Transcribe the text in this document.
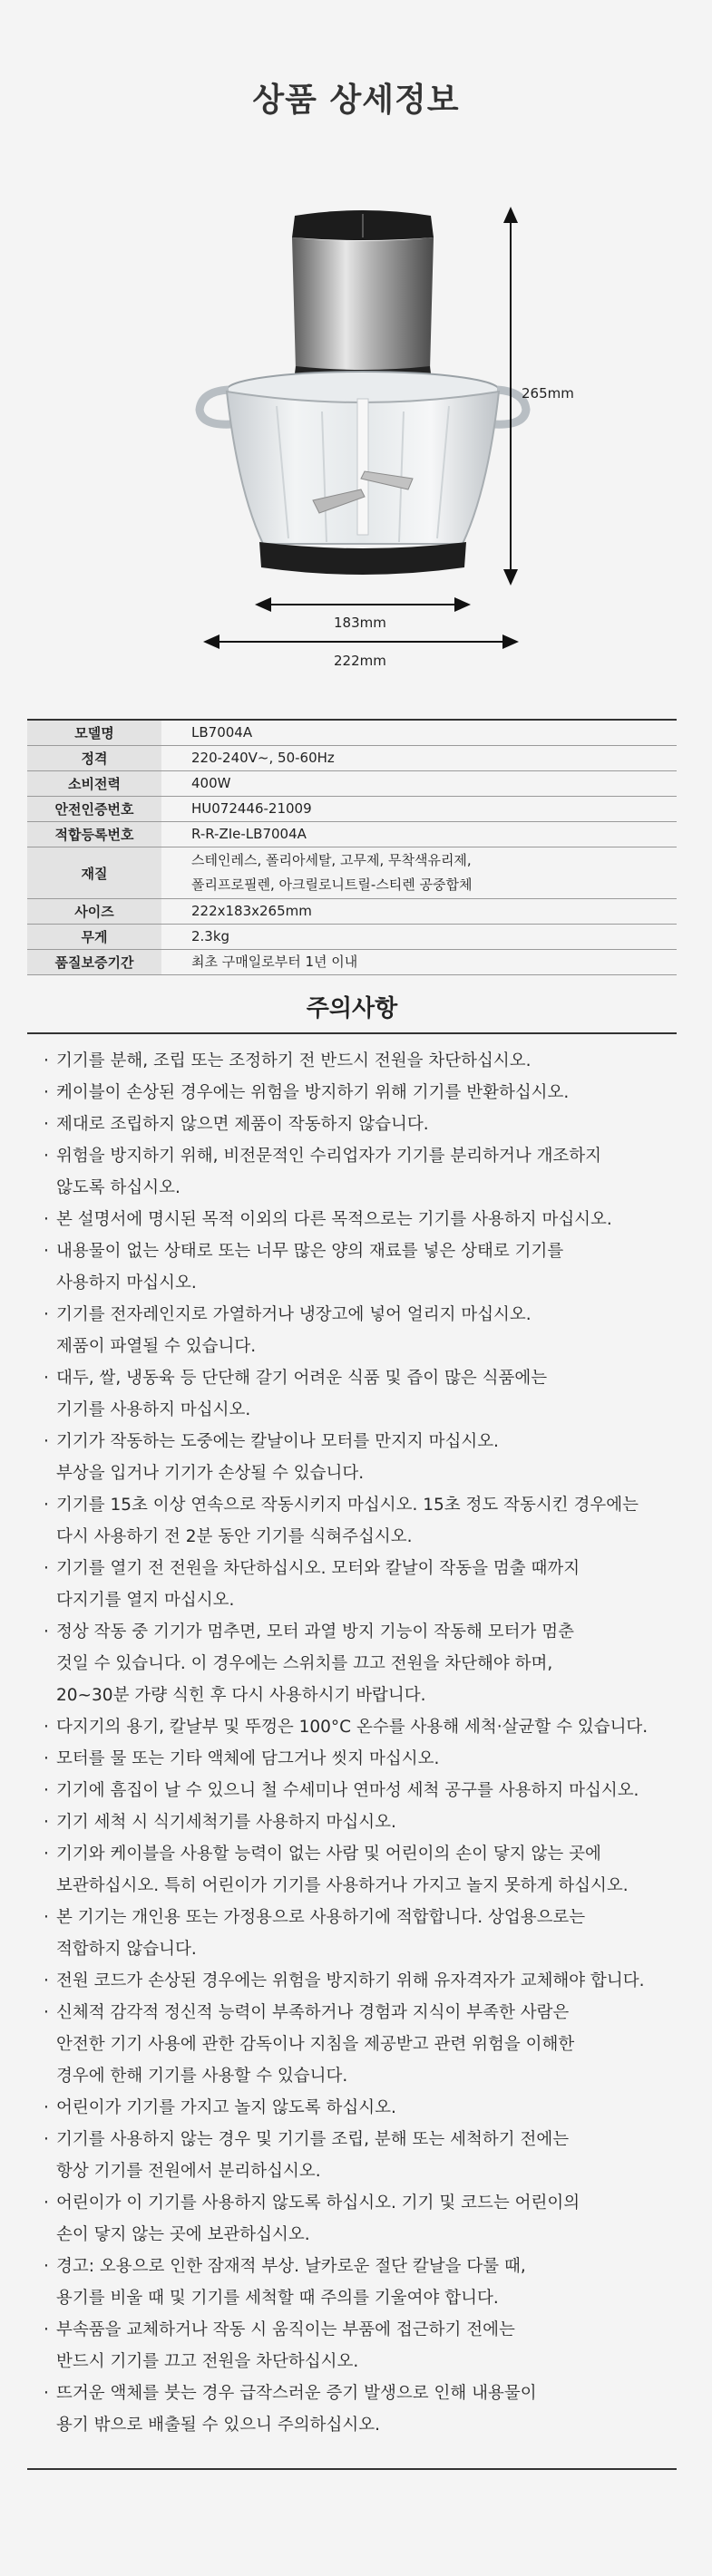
상품 상세정보
265mm
183mm
222mm
모델명	LB7004A

정격	220-240V~, 50-60Hz

소비전력	400W

안전인증번호	HU072446-21009

적합등록번호	R-R-ZIe-LB7004A

재질	스테인레스, 폴리아세탈, 고무제, 무착색유리제,
폴리프로필렌, 아크릴로니트릴-스티렌 공중합체

사이즈	222x183x265mm

무게	2.3kg

품질보증기간	최초 구매일로부터 1년 이내
주의사항
· 기기를 분해, 조립 또는 조정하기 전 반드시 전원을 차단하십시오.
· 케이블이 손상된 경우에는 위험을 방지하기 위해 기기를 반환하십시오.
· 제대로 조립하지 않으면 제품이 작동하지 않습니다.
· 위험을 방지하기 위해, 비전문적인 수리업자가 기기를 분리하거나 개조하지
않도록 하십시오.
· 본 설명서에 명시된 목적 이외의 다른 목적으로는 기기를 사용하지 마십시오.
· 내용물이 없는 상태로 또는 너무 많은 양의 재료를 넣은 상태로 기기를
사용하지 마십시오.
· 기기를 전자레인지로 가열하거나 냉장고에 넣어 얼리지 마십시오.
제품이 파열될 수 있습니다.
· 대두, 쌀, 냉동육 등 단단해 갈기 어려운 식품 및 즙이 많은 식품에는
기기를 사용하지 마십시오.
· 기기가 작동하는 도중에는 칼날이나 모터를 만지지 마십시오.
부상을 입거나 기기가 손상될 수 있습니다.
· 기기를 15초 이상 연속으로 작동시키지 마십시오. 15초 정도 작동시킨 경우에는
다시 사용하기 전 2분 동안 기기를 식혀주십시오.
· 기기를 열기 전 전원을 차단하십시오. 모터와 칼날이 작동을 멈출 때까지
다지기를 열지 마십시오.
· 정상 작동 중 기기가 멈추면, 모터 과열 방지 기능이 작동해 모터가 멈춘
것일 수 있습니다. 이 경우에는 스위치를 끄고 전원을 차단해야 하며,
20~30분 가량 식힌 후 다시 사용하시기 바랍니다.
· 다지기의 용기, 칼날부 및 뚜껑은 100°C 온수를 사용해 세척·살균할 수 있습니다.
· 모터를 물 또는 기타 액체에 담그거나 씻지 마십시오.
· 기기에 흠집이 날 수 있으니 철 수세미나 연마성 세척 공구를 사용하지 마십시오.
· 기기 세척 시 식기세척기를 사용하지 마십시오.
· 기기와 케이블을 사용할 능력이 없는 사람 및 어린이의 손이 닿지 않는 곳에
보관하십시오. 특히 어린이가 기기를 사용하거나 가지고 놀지 못하게 하십시오.
· 본 기기는 개인용 또는 가정용으로 사용하기에 적합합니다. 상업용으로는
적합하지 않습니다.
· 전원 코드가 손상된 경우에는 위험을 방지하기 위해 유자격자가 교체해야 합니다.
· 신체적 감각적 정신적 능력이 부족하거나 경험과 지식이 부족한 사람은
안전한 기기 사용에 관한 감독이나 지침을 제공받고 관련 위험을 이해한
경우에 한해 기기를 사용할 수 있습니다.
· 어린이가 기기를 가지고 놀지 않도록 하십시오.
· 기기를 사용하지 않는 경우 및 기기를 조립, 분해 또는 세척하기 전에는
항상 기기를 전원에서 분리하십시오.
· 어린이가 이 기기를 사용하지 않도록 하십시오. 기기 및 코드는 어린이의
손이 닿지 않는 곳에 보관하십시오.
· 경고: 오용으로 인한 잠재적 부상. 날카로운 절단 칼날을 다룰 때,
용기를 비울 때 및 기기를 세척할 때 주의를 기울여야 합니다.
· 부속품을 교체하거나 작동 시 움직이는 부품에 접근하기 전에는
반드시 기기를 끄고 전원을 차단하십시오.
· 뜨거운 액체를 붓는 경우 급작스러운 증기 발생으로 인해 내용물이
용기 밖으로 배출될 수 있으니 주의하십시오.
